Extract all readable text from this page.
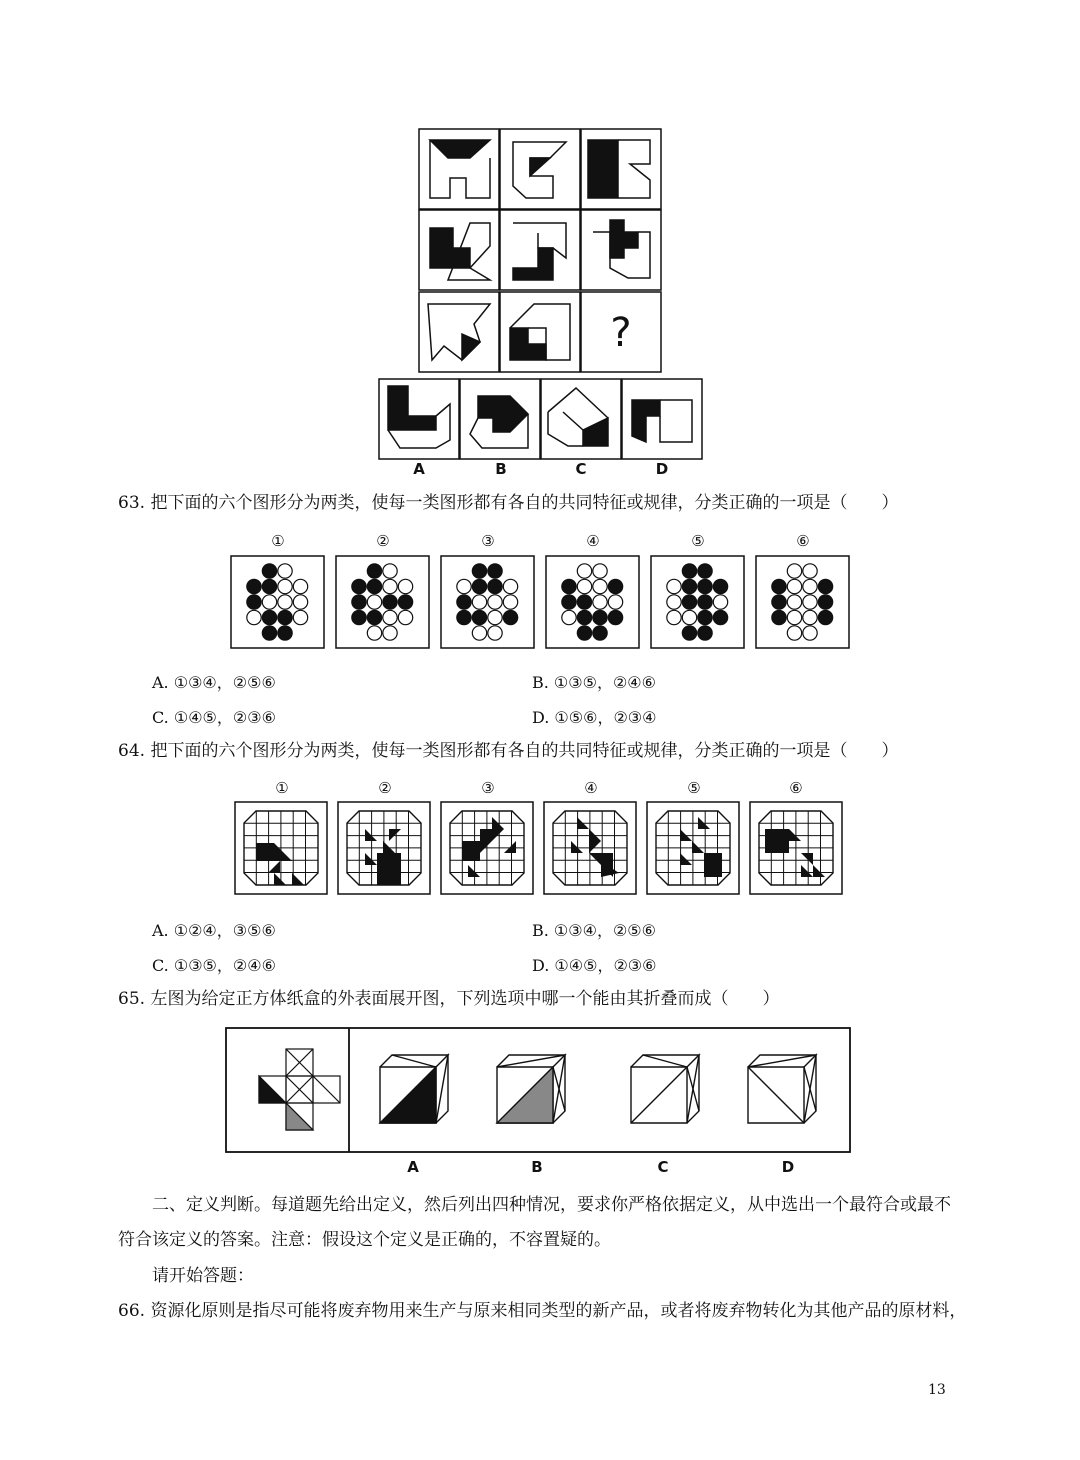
?
A	B	C	D
63. 把下面的六个图形分为两类，使每一类图形都有各自的共同特征或规律，分类正确的一项是（　　）
①	②	③	④	⑤	⑥
A. ①③④，②⑤⑥	B. ①③⑤，②④⑥
C. ①④⑤，②③⑥	D. ①⑤⑥，②③④
64. 把下面的六个图形分为两类，使每一类图形都有各自的共同特征或规律，分类正确的一项是（　　）
①	②	③	④	⑤	⑥
A. ①②④，③⑤⑥	B. ①③④，②⑤⑥
C. ①③⑤，②④⑥	D. ①④⑤，②③⑥
65. 左图为给定正方体纸盒的外表面展开图，下列选项中哪一个能由其折叠而成（　　）
A	B	C	D
二、定义判断。每道题先给出定义，然后列出四种情况，要求你严格依据定义，从中选出一个最符合或最不
符合该定义的答案。注意：假设这个定义是正确的，不容置疑的。
请开始答题：
66. 资源化原则是指尽可能将废弃物用来生产与原来相同类型的新产品，或者将废弃物转化为其他产品的原材料，
13
